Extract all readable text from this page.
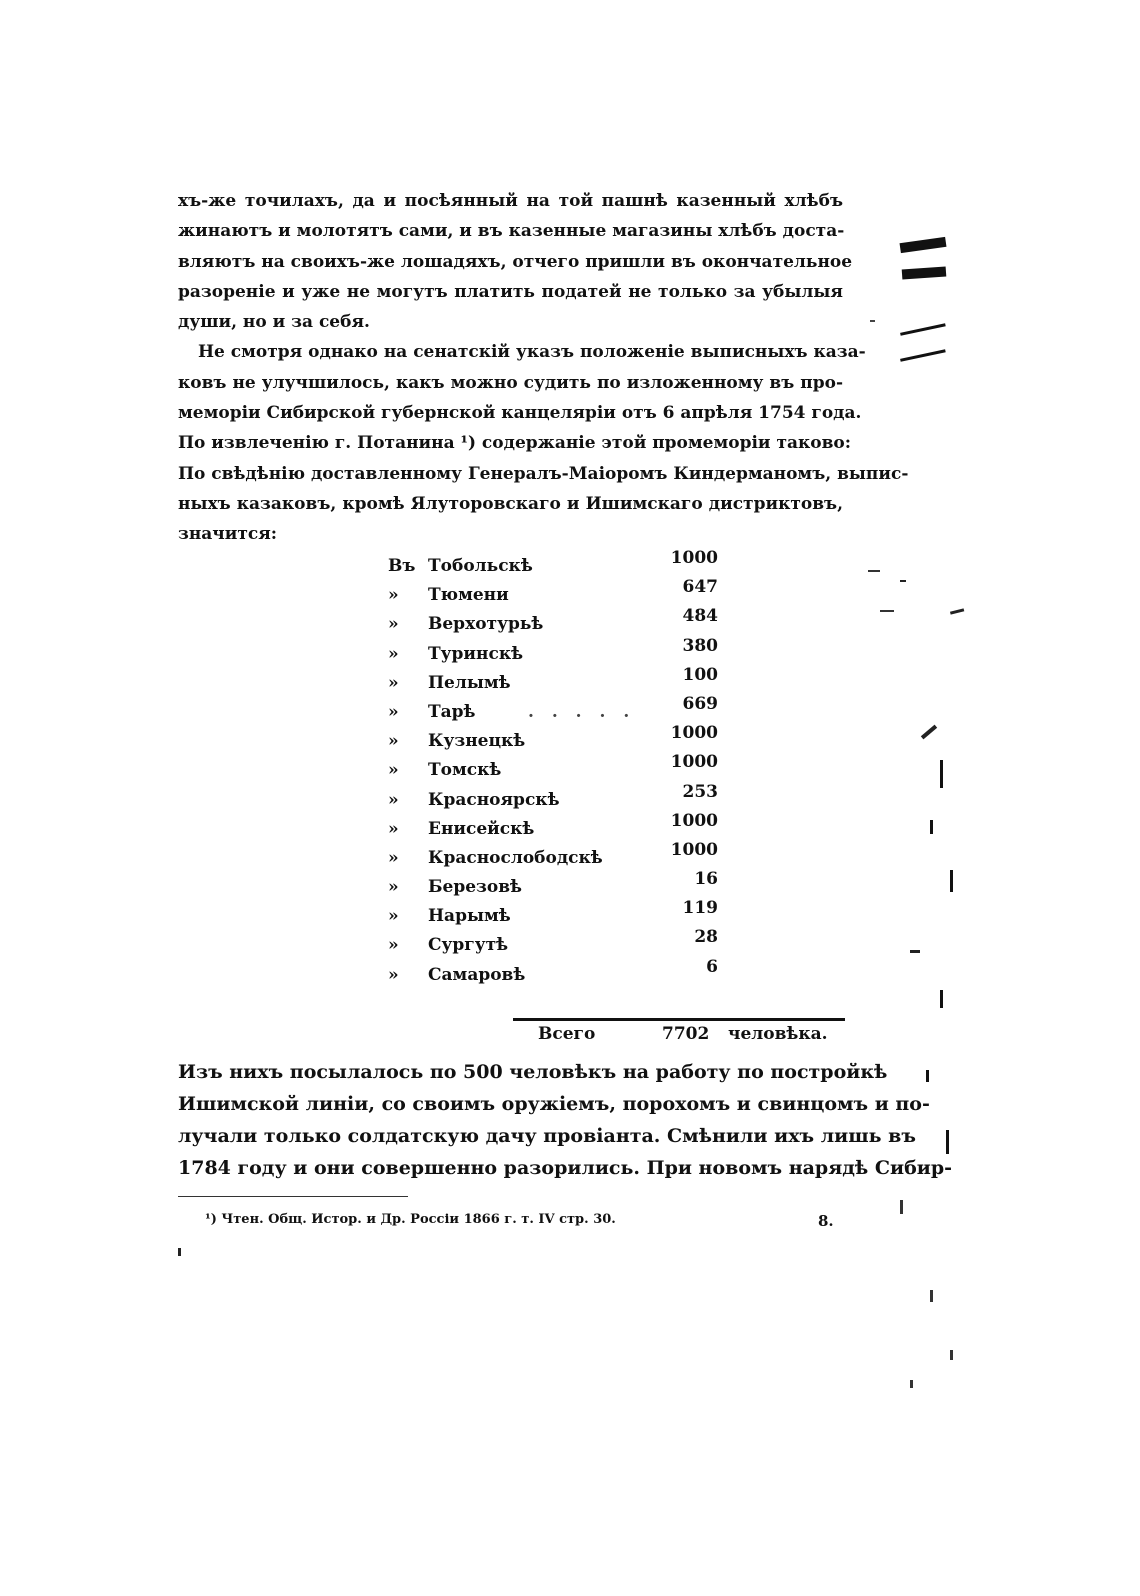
хъ-же точилахъ, да и посѣянный на той пашнѣ казенный хлѣбъ
жинаютъ и молотятъ сами, и въ казенные магазины хлѣбъ доста-
вляютъ на своихъ-же лошадяхъ, отчего пришли въ окончательное
разореніе и уже не могутъ платить податей не только за убылыя
души, но и за себя.
Не смотря однако на сенатскій указъ положеніе выписныхъ каза-
ковъ не улучшилось, какъ можно судить по изложенному въ про-
меморіи Сибирской губернской канцеляріи отъ 6 апрѣля 1754 года.
По извлеченію г. Потанина ¹) содержаніе этой промеморіи таково:
По свѣдѣнію доставленному Генералъ-Маіоромъ Киндерманомъ, выпис-
ныхъ казаковъ, кромѣ Ялуторовскаго и Ишимскаго дистриктовъ,
значится:
Въ Тобольскѣ	1000
»	Тюмени	647
»	Верхотурьѣ	484
»	Туринскѣ	380
»	Пелымѣ	100
»	Тарѣ	. . . . .	669
»	Кузнецкѣ	1000
»	Томскѣ	1000
»	Красноярскѣ	253
»	Енисейскѣ	1000
»	Краснослободскѣ	1000
»	Березовѣ	16
»	Нарымѣ	119
»	Сургутѣ	28
»	Самаровѣ	6
Всего	7702 человѣка.
Изъ нихъ посылалось по 500 человѣкъ на работу по постройкѣ
Ишимской линіи, со своимъ оружіемъ, порохомъ и свинцомъ и по-
лучали только солдатскую дачу провіанта. Смѣнили ихъ лишь въ
1784 году и они совершенно разорились. При новомъ нарядѣ Сибир-
¹) Чтен. Общ. Истор. и Др. Россіи 1866 г. т. IV стр. 30.	8.
